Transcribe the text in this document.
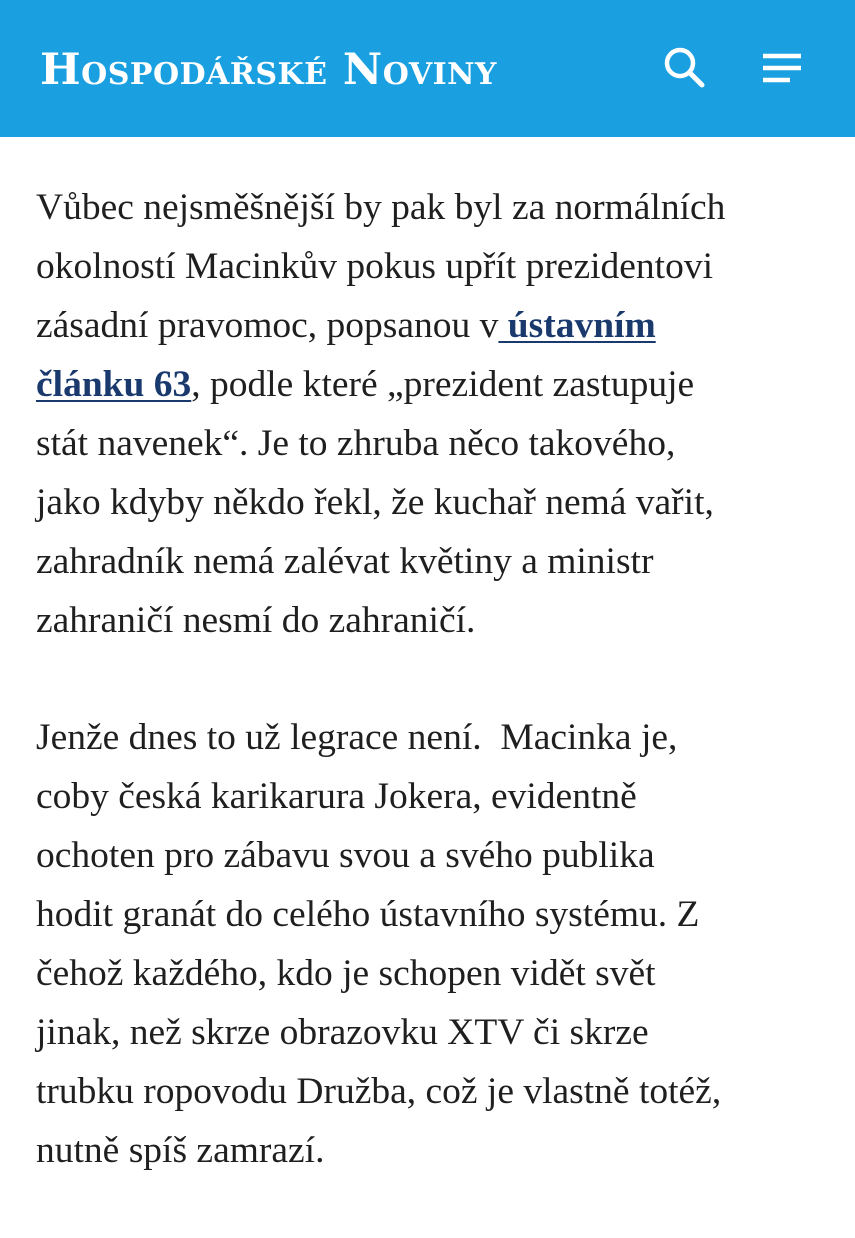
Hospodářské Noviny

Vůbec nejsměšnější by pak byl za normálních
okolností Macinkův pokus upřít prezidentovi
zásadní pravomoc, popsanou v ústavním
článku 63, podle které „prezident zastupuje
stát navenek“. Je to zhruba něco takového,
jako kdyby někdo řekl, že kuchař nemá vařit,
zahradník nemá zalévat květiny a ministr
zahraničí nesmí do zahraničí.

Jenže dnes to už legrace není.  Macinka je,
coby česká karikarura Jokera, evidentně
ochoten pro zábavu svou a svého publika
hodit granát do celého ústavního systému. Z
čehož každého, kdo je schopen vidět svět
jinak, než skrze obrazovku XTV či skrze
trubku ropovodu Družba, což je vlastně totéž,
nutně spíš zamrazí.
